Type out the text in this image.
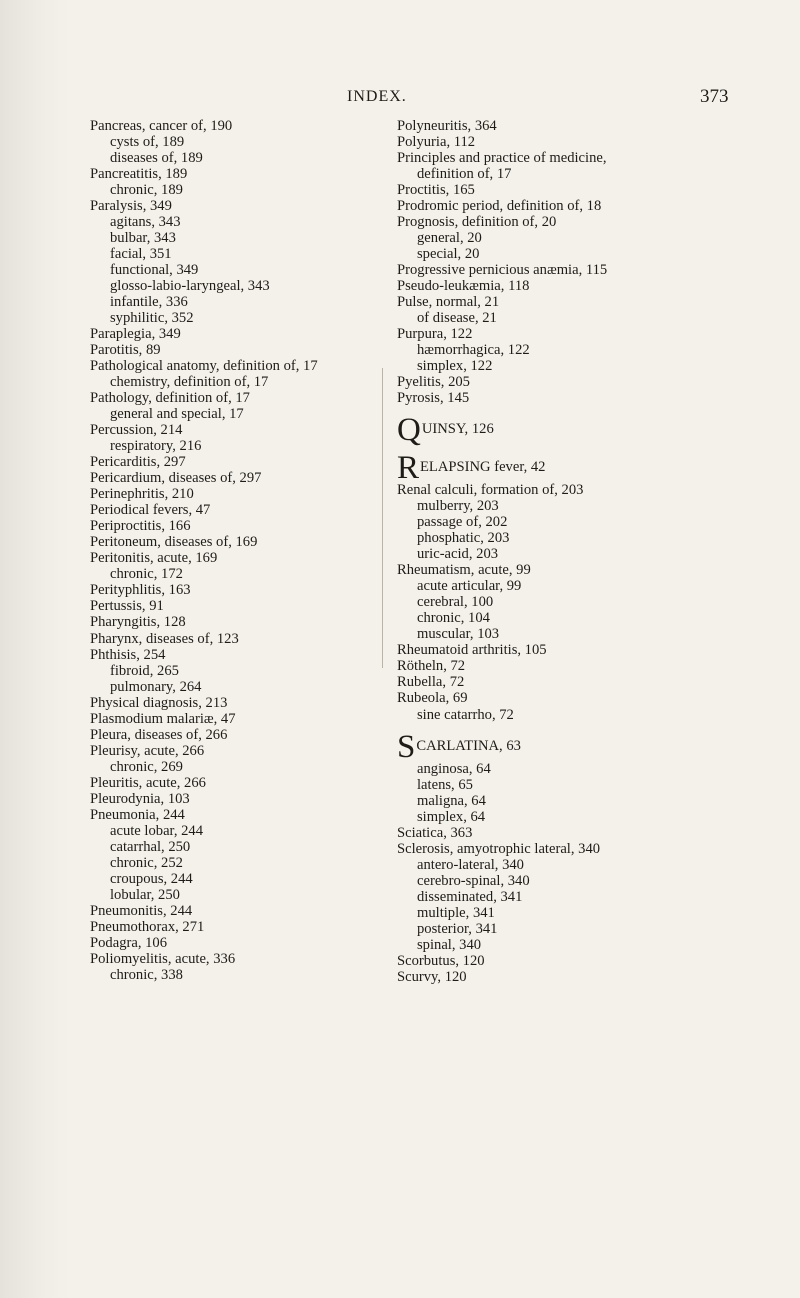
INDEX.	373
Pancreas, cancer of, 190
cysts of, 189
diseases of, 189
Pancreatitis, 189
chronic, 189
Paralysis, 349
agitans, 343
bulbar, 343
facial, 351
functional, 349
glosso-labio-laryngeal, 343
infantile, 336
syphilitic, 352
Paraplegia, 349
Parotitis, 89
Pathological anatomy, definition of, 17
chemistry, definition of, 17
Pathology, definition of, 17
general and special, 17
Percussion, 214
respiratory, 216
Pericarditis, 297
Pericardium, diseases of, 297
Perinephritis, 210
Periodical fevers, 47
Periproctitis, 166
Peritoneum, diseases of, 169
Peritonitis, acute, 169
chronic, 172
Perityphlitis, 163
Pertussis, 91
Pharyngitis, 128
Pharynx, diseases of, 123
Phthisis, 254
fibroid, 265
pulmonary, 264
Physical diagnosis, 213
Plasmodium malariæ, 47
Pleura, diseases of, 266
Pleurisy, acute, 266
chronic, 269
Pleuritis, acute, 266
Pleurodynia, 103
Pneumonia, 244
acute lobar, 244
catarrhal, 250
chronic, 252
croupous, 244
lobular, 250
Pneumonitis, 244
Pneumothorax, 271
Podagra, 106
Poliomyelitis, acute, 336
chronic, 338
Polyneuritis, 364
Polyuria, 112
Principles and practice of medicine,
definition of, 17
Proctitis, 165
Prodromic period, definition of, 18
Prognosis, definition of, 20
general, 20
special, 20
Progressive pernicious anæmia, 115
Pseudo-leukæmia, 118
Pulse, normal, 21
of disease, 21
Purpura, 122
hæmorrhagica, 122
simplex, 122
Pyelitis, 205
Pyrosis, 145
QUINSY, 126
RELAPSING fever, 42
Renal calculi, formation of, 203
mulberry, 203
passage of, 202
phosphatic, 203
uric-acid, 203
Rheumatism, acute, 99
acute articular, 99
cerebral, 100
chronic, 104
muscular, 103
Rheumatoid arthritis, 105
Rötheln, 72
Rubella, 72
Rubeola, 69
sine catarrho, 72
SCARLATINA, 63
anginosa, 64
latens, 65
maligna, 64
simplex, 64
Sciatica, 363
Sclerosis, amyotrophic lateral, 340
antero-lateral, 340
cerebro-spinal, 340
disseminated, 341
multiple, 341
posterior, 341
spinal, 340
Scorbutus, 120
Scurvy, 120
